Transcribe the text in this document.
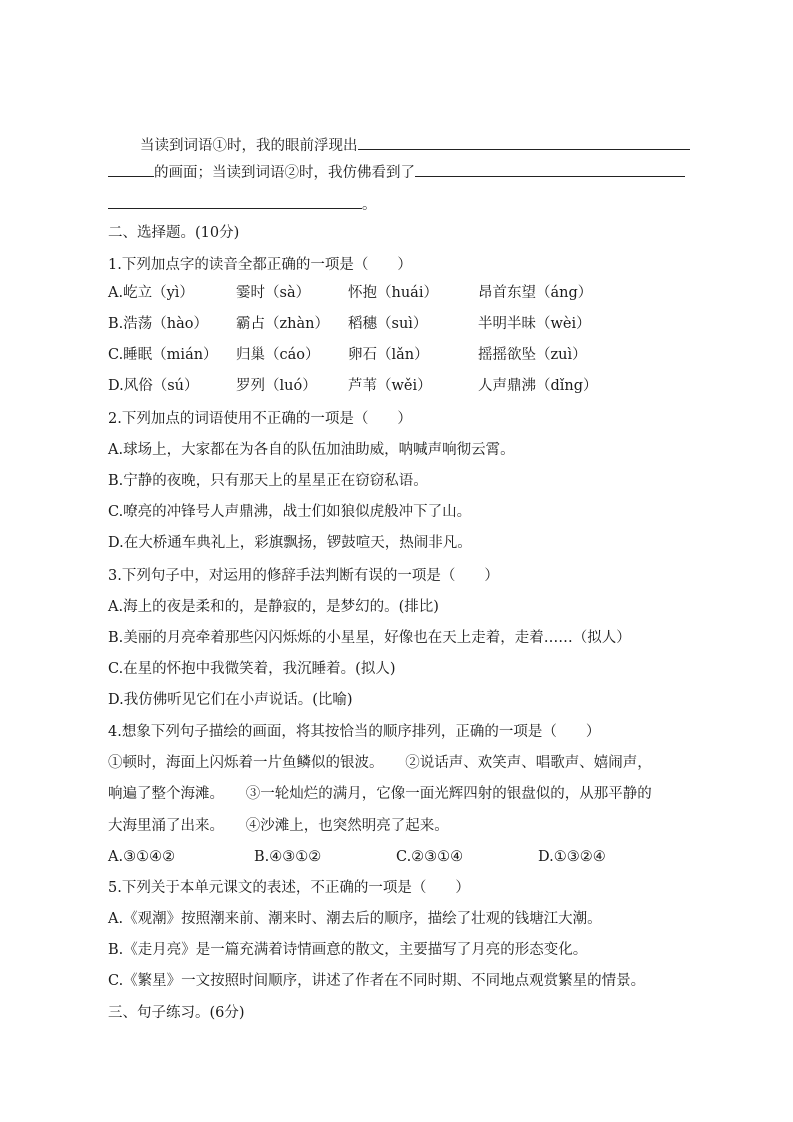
当读到词语①时，我的眼前浮现出
的画面；当读到词语②时，我仿佛看到了
。
二、选择题。(10分)
1.下列加点字的读音全都正确的一项是（　　）
A.屹立（yì）	霎时（sà）	怀抱（huái）	昂首东望（áng）
B.浩荡（hào） 霸占（zhàn） 稻穗（suì）	半明半昧（wèi）
C.睡眠（mián） 归巢（cáo） 卵石（lǎn）	摇摇欲坠（zuì）
D.风俗（sú）	罗列（luó） 芦苇（wěi）	人声鼎沸（dǐng）
2.下列加点的词语使用不正确的一项是（　　）
A.球场上，大家都在为各自的队伍加油助威，呐喊声响彻云霄。
B.宁静的夜晚，只有那天上的星星正在窃窃私语。
C.嘹亮的冲锋号人声鼎沸，战士们如狼似虎般冲下了山。
D.在大桥通车典礼上，彩旗飘扬，锣鼓喧天，热闹非凡。
3.下列句子中，对运用的修辞手法判断有误的一项是（　　）
A.海上的夜是柔和的，是静寂的，是梦幻的。(排比)
B.美丽的月亮牵着那些闪闪烁烁的小星星，好像也在天上走着，走着……（拟人）
C.在星的怀抱中我微笑着，我沉睡着。(拟人)
D.我仿佛听见它们在小声说话。(比喻)
4.想象下列句子描绘的画面，将其按恰当的顺序排列，正确的一项是（　　）
①顿时，海面上闪烁着一片鱼鳞似的银波。　　②说话声、欢笑声、唱歌声、嬉闹声，
响遍了整个海滩。　　③一轮灿烂的满月，它像一面光辉四射的银盘似的，从那平静的
大海里涌了出来。　　④沙滩上，也突然明亮了起来。
A.③①④②	B.④③①②	C.②③①④	D.①③②④
5.下列关于本单元课文的表述，不正确的一项是（　　）
A.《观潮》按照潮来前、潮来时、潮去后的顺序，描绘了壮观的钱塘江大潮。
B.《走月亮》是一篇充满着诗情画意的散文，主要描写了月亮的形态变化。
C.《繁星》一文按照时间顺序，讲述了作者在不同时期、不同地点观赏繁星的情景。
三、句子练习。(6分)
